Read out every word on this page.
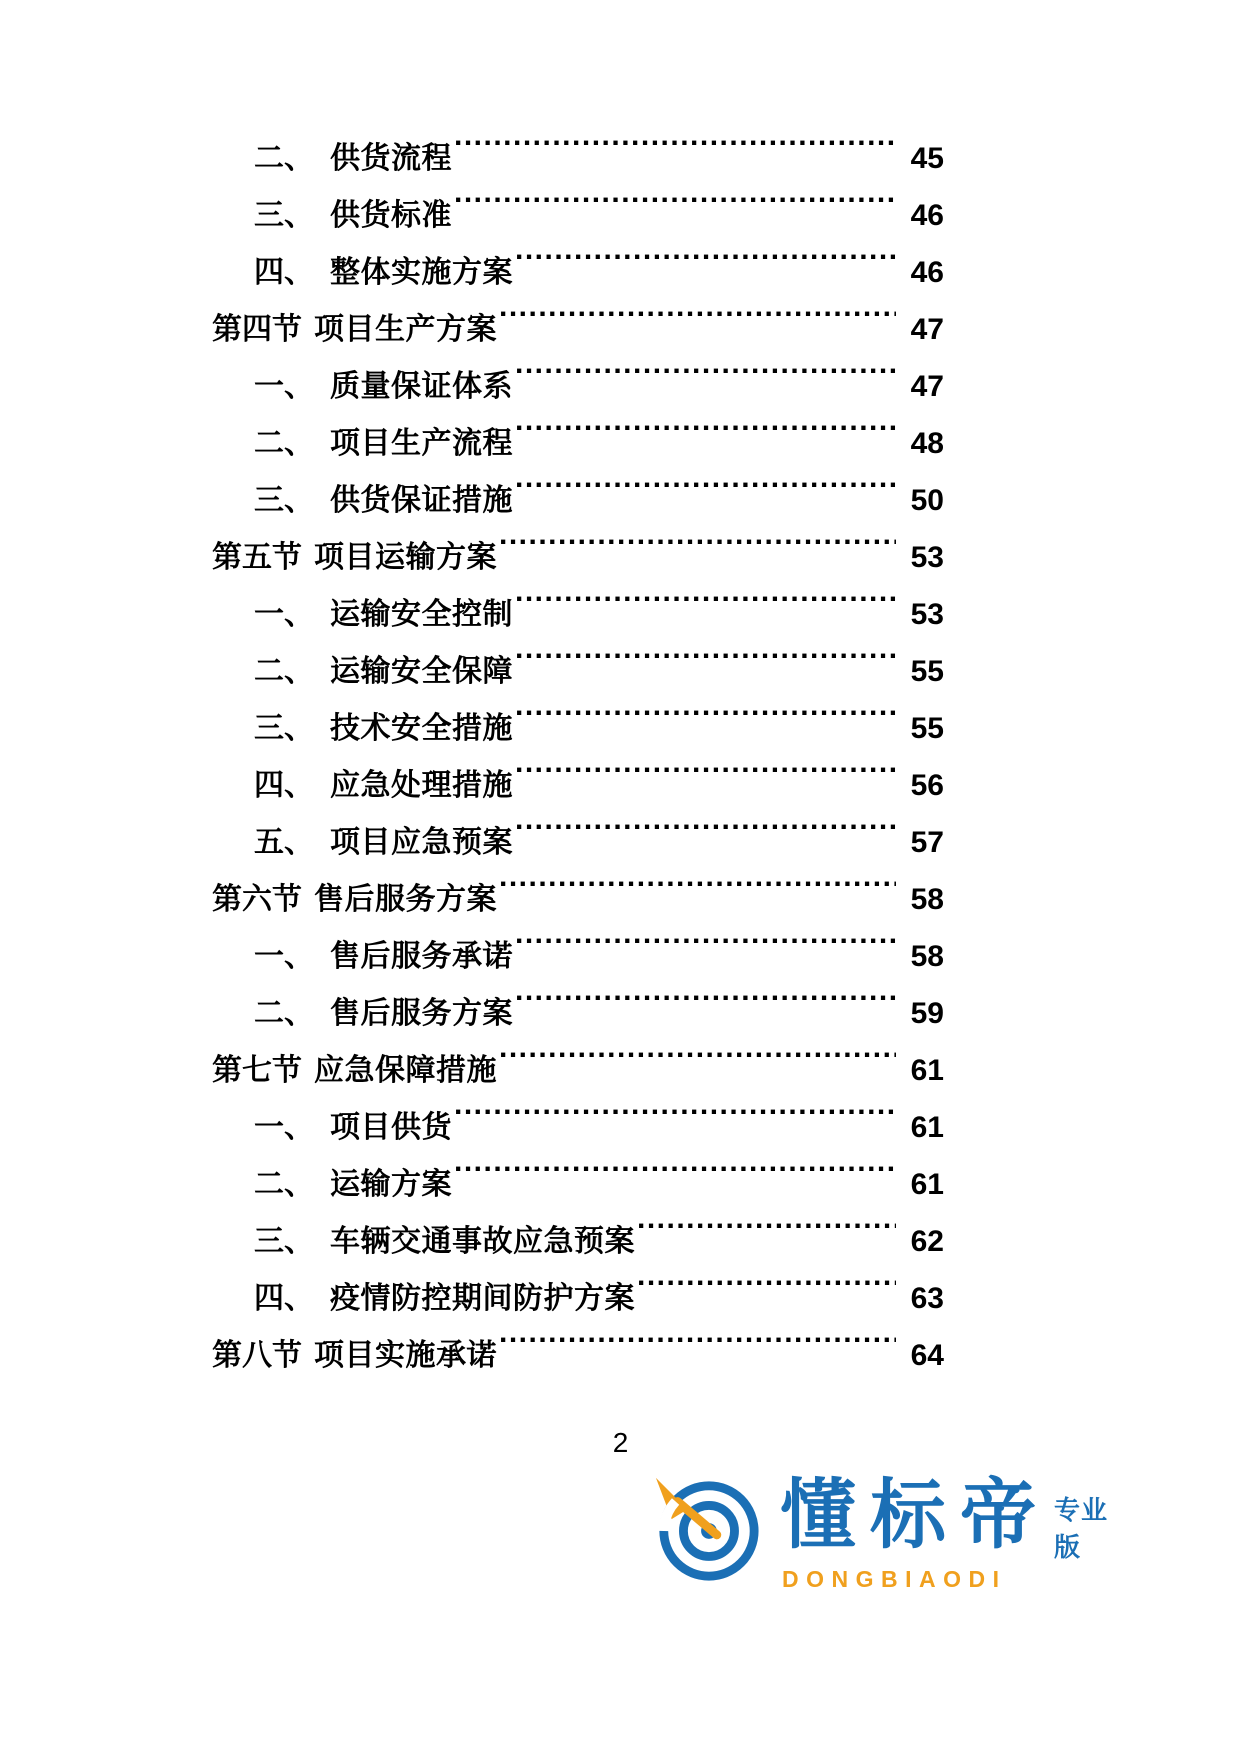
二、 供货流程 .....	45
三、 供货标准 .....	46
四、 整体实施方案 .....	46
第四节 项目生产方案 .....	47
一、 质量保证体系 .....	47
二、 项目生产流程 .....	48
三、 供货保证措施 .....	50
第五节 项目运输方案 .....	53
一、 运输安全控制 .....	53
二、 运输安全保障 .....	55
三、 技术安全措施 .....	55
四、 应急处理措施 .....	56
五、 项目应急预案 .....	57
第六节 售后服务方案 .....	58
一、 售后服务承诺 .....	58
二、 售后服务方案 .....	59
第七节 应急保障措施 .....	61
一、 项目供货 .....	61
二、 运输方案 .....	61
三、 车辆交通事故应急预案 .....	62
四、 疫情防控期间防护方案 .....	63
第八节 项目实施承诺 .....	64
2
懂标帝 专业版
DONGBIAODI
